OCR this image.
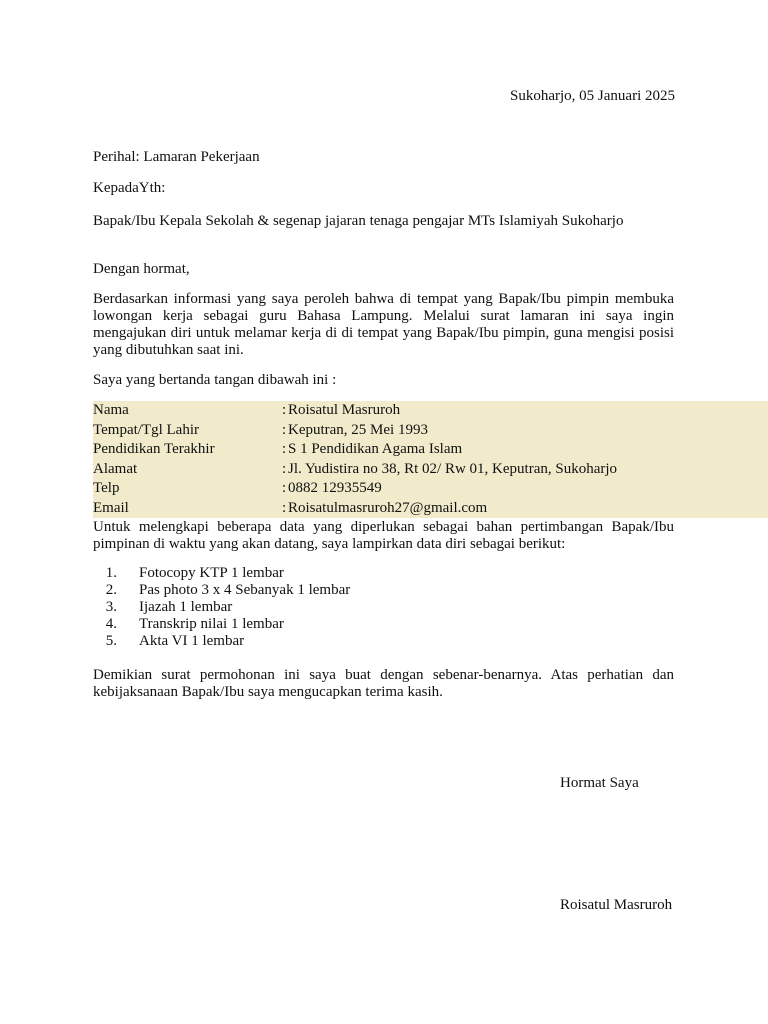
Sukoharjo, 05 Januari 2025

Perihal: Lamaran Pekerjaan

KepadaYth:

Bapak/Ibu Kepala Sekolah & segenap jajaran tenaga pengajar MTs Islamiyah Sukoharjo

Dengan hormat,

Berdasarkan informasi yang saya peroleh bahwa di tempat yang Bapak/Ibu pimpin membuka lowongan kerja sebagai guru Bahasa Lampung. Melalui surat lamaran ini saya ingin mengajukan diri untuk melamar kerja di di tempat yang Bapak/Ibu pimpin, guna mengisi posisi yang dibutuhkan saat ini.

Saya yang bertanda tangan dibawah ini :

Nama	:	Roisatul Masruroh
Tempat/Tgl Lahir	:	Keputran, 25 Mei 1993
Pendidikan Terakhir	:	S 1 Pendidikan Agama Islam
Alamat	:	Jl. Yudistira no 38, Rt 02/ Rw 01, Keputran, Sukoharjo
Telp	:	0882 12935549
Email	:	Roisatulmasruroh27@gmail.com

Untuk melengkapi beberapa data yang diperlukan sebagai bahan pertimbangan Bapak/Ibu pimpinan di waktu yang akan datang, saya lampirkan data diri sebagai berikut:

1. Fotocopy KTP 1 lembar
2. Pas photo 3 x 4 Sebanyak 1 lembar
3. Ijazah 1 lembar
4. Transkrip nilai 1 lembar
5. Akta VI 1 lembar

Demikian surat permohonan ini saya buat dengan sebenar-benarnya. Atas perhatian dan kebijaksanaan Bapak/Ibu saya mengucapkan terima kasih.

Hormat Saya

Roisatul Masruroh
